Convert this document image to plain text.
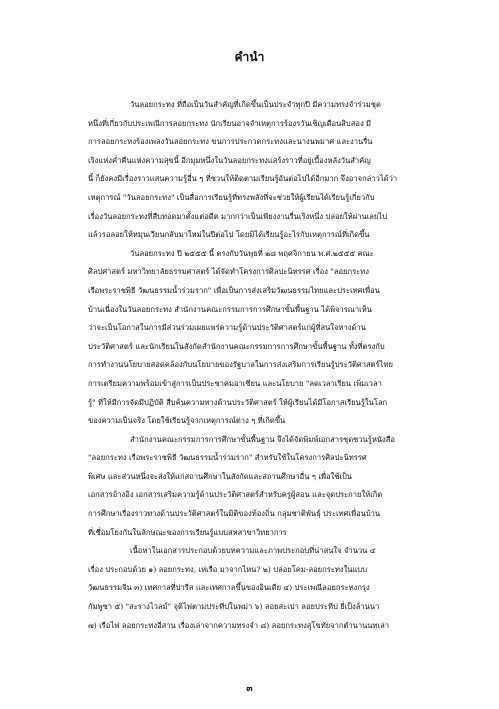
คำนำ
วันลอยกระทง ที่ถือเป็นวันสำคัญที่เกิดขึ้นเป็นประจำทุกปี มีความทรงจำร่วมชุด
หนึ่งที่เกี่ยวกับประเพณีการลอยกระทง นักเรียนอาจจำเหตุการร้องรวันเชิญเดือนสิบสอง มี
การลอยกระทงร้องเพลงวันลอยกระทง ขนการประกวดกระทงและนางนพมาศ และงานรื่น
เริงแห่งค่ำคืนแห่งความสุขนี้ อีกมุมหนึ่งในวันลอยกระทงแสร้งราวที่อยู่เบื้องหลังวันสำคัญ
นี้ ก็ยังคงมีเรื่องราวแสนความรู้อื่น ๆ ที่ชวนให้ติดตามเรียนรู้อันต่อไปได้อีกมาก จึงอาจกล่าวได้ว่า
เหตุการณ์ "วันลอยกระทง" เป็นสื่อการเรียนรู้ที่ทรงพลังที่จะช่วยให้ผู้เรียนได้เรียนรู้เกี่ยวกับ
เรื่องวันลอยกระทงที่สืบทอดมาตั้งแต่อดีต มากกว่าเป็นเพียงงานรื่นเริงหนึ่ง ปล่อยให้ผ่านเลยไป
แล้วรอลอยให้หมุนเวียนกลับมาใหม่ในปีต่อไป โดยมิได้เรียนรู้อะไรกับเหตุการณ์ที่เกิดขึ้น
วันลอยกระทง ปี ๒๕๕๕ นี้ ตรงกับวันพุธที่ ๒๘ พฤศจิกายน พ.ศ.๒๕๕๕ คณะ
ศิลปศาสตร์ มหาวิทยาลัยธรรมศาสตร์ ได้จัดทำโครงการศิลปะนิทรรศ เรื่อง "ลอยกระทง
เรือพระราชพิธี วัฒนธรรมน้ำร่วมราก" เพื่อเป็นการส่งเสริมวัฒนธรรมไทยและประเทศเพื่อน
บ้านเนื่องในวันลอยกระทง สำนักงานคณะกรรมการการศึกษาขั้นพื้นฐาน ได้พิจารณาเห็น
ว่าจะเป็นโอกาสในการมีส่วนร่วมเผยแพร่ความรู้ด้านประวัติศาสตร์แก่ผู้ที่สนใจทางด้าน
ประวัติศาสตร์ และนักเรียนในสังกัดสำนักงานคณะกรรมการการศึกษาขั้นพื้นฐาน ทั้งที่ตรงกับ
การทำงานนโยบายสอดคล้องกับนโยบายของรัฐบาลในการส่งเสริมการเรียนรู้ประวัติศาสตร์ไทย
การเตรียมความพร้อมเข้าสู่การเป็นประชาคมอาเซียน และนโยบาย "ลดเวลาเรียน เพิ่มเวลา
รู้" ที่ให้มีการจัดมีปฏิบัติ สืบค้นความทางด้านประวัติศาสตร์ ให้ผู้เรียนได้มีโอกาสเรียนรู้ในโลก
ของความเป็นจริง โดยใช้เรียนรู้จากเหตุการณ์ต่าง ๆ ที่เกิดขึ้น
สำนักงานคณะกรรมการการศึกษาขั้นพื้นฐาน จึงได้จัดพิมพ์เอกสารชุดชวนรู้หนังสือ
"ลอยกระทง เรือพระราชพิธี วัฒนธรรมน้ำร่วมราก" สำหรับใช้ในโครงการศิลปะนิทรรศ
พิเศษ และส่วนหนึ่งจะส่งให้แก่สถานศึกษาในสังกัดและสถานศึกษาอื่น ๆ เพื่อใช้เป็น
เอกสารอ้างอิง เอกสารเสริมความรู้ด้านประวัติศาสตร์สำหรับครูผู้สอน และจุดประกายให้เกิด
การศึกษาเรื่องราวทางด้านประวัติศาสตร์ในมิติของท้องถิ่น กลุ่มชาติพันธุ์ ประเทศเพื่อนบ้าน
ที่เชื่อมโยงกันในลักษณะของการเรียนรู้แบบสหสาขาวิทยาการ
เนื้อหาในเอกสารประกอบด้วยบทความและภาพประกอบที่น่าสนใจ จำนวน ๔
เรื่อง ประกอบด้วย ๑) ลอยกระทง, เห่เรือ มาจากไหน? ๒) ปล่อยโคม-ลอยกระทงในแบบ
วัฒนธรรมจีน ๓) เทศกาลที่ปารีส และเทศกาลขึ้นของอินเดีย ๔) ประเพณีลอยกระทงกรุง
กัมพูชา ๕) "สะรางไวลม์" จุติไฟตามประทีปในพม่า ๖) ลอยสะเปา ลอยประทีป ยี่เป็งล้านนา
๗) เรือไฟ ลอยกระทงอีสาน เรื่องเล่าจากความทรงจำ ๘) ลอยกระทงสุโขทัยจากตำนานนทเล่า
๓
